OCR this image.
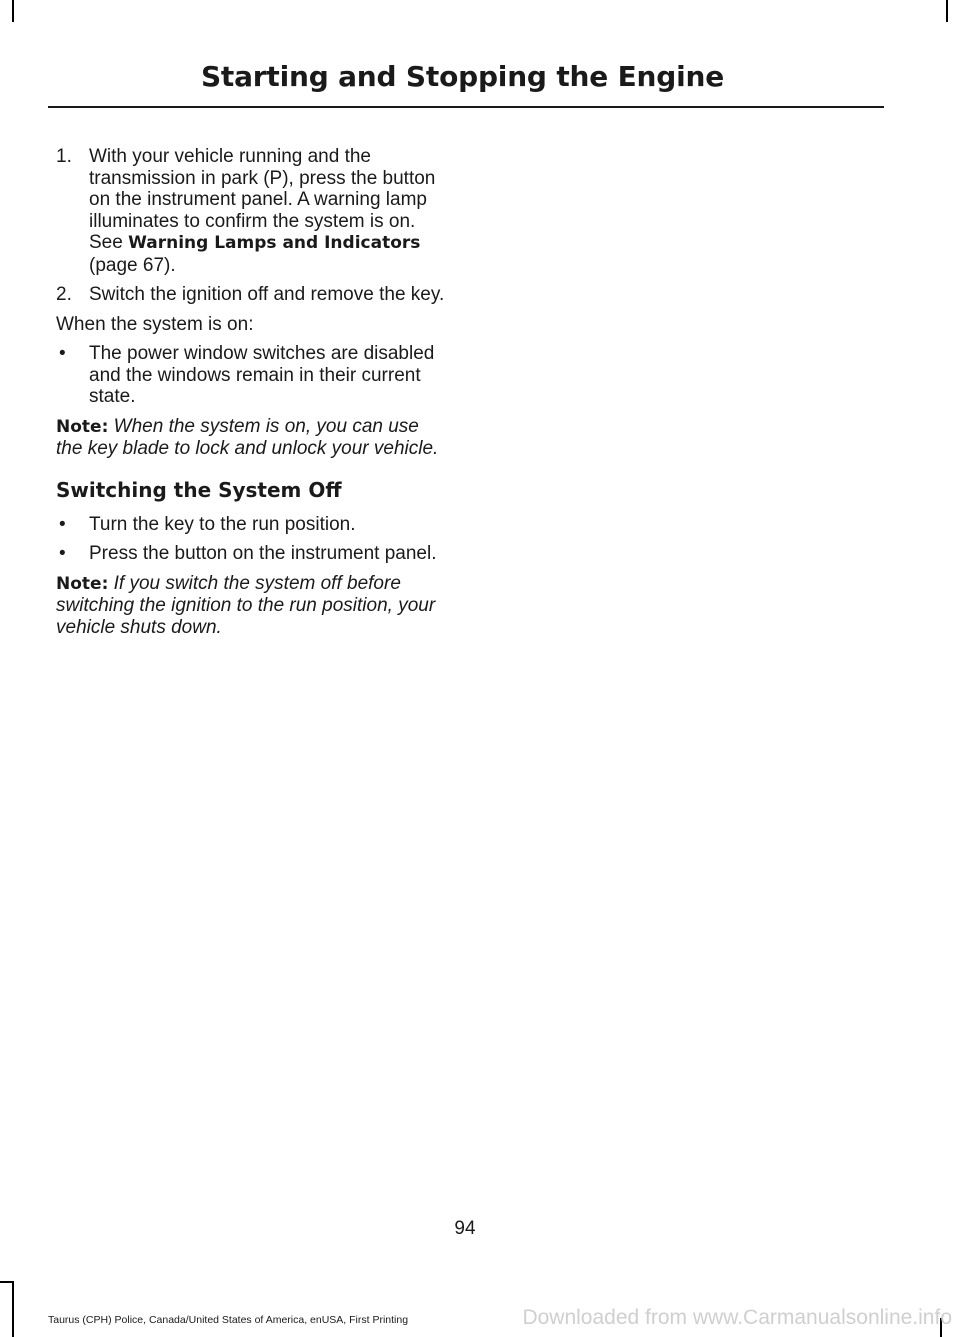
Starting and Stopping the Engine
1. With your vehicle running and the transmission in park (P), press the button on the instrument panel. A warning lamp illuminates to confirm the system is on. See Warning Lamps and Indicators (page 67).
2. Switch the ignition off and remove the key.

When the system is on:

• The power window switches are disabled and the windows remain in their current state.

Note: When the system is on, you can use the key blade to lock and unlock your vehicle.

Switching the System Off
• Turn the key to the run position.
• Press the button on the instrument panel.

Note: If you switch the system off before switching the ignition to the run position, your vehicle shuts down.

94
Taurus (CPH) Police, Canada/United States of America, enUSA, First Printing	Downloaded from www.Carmanualsonline.info
